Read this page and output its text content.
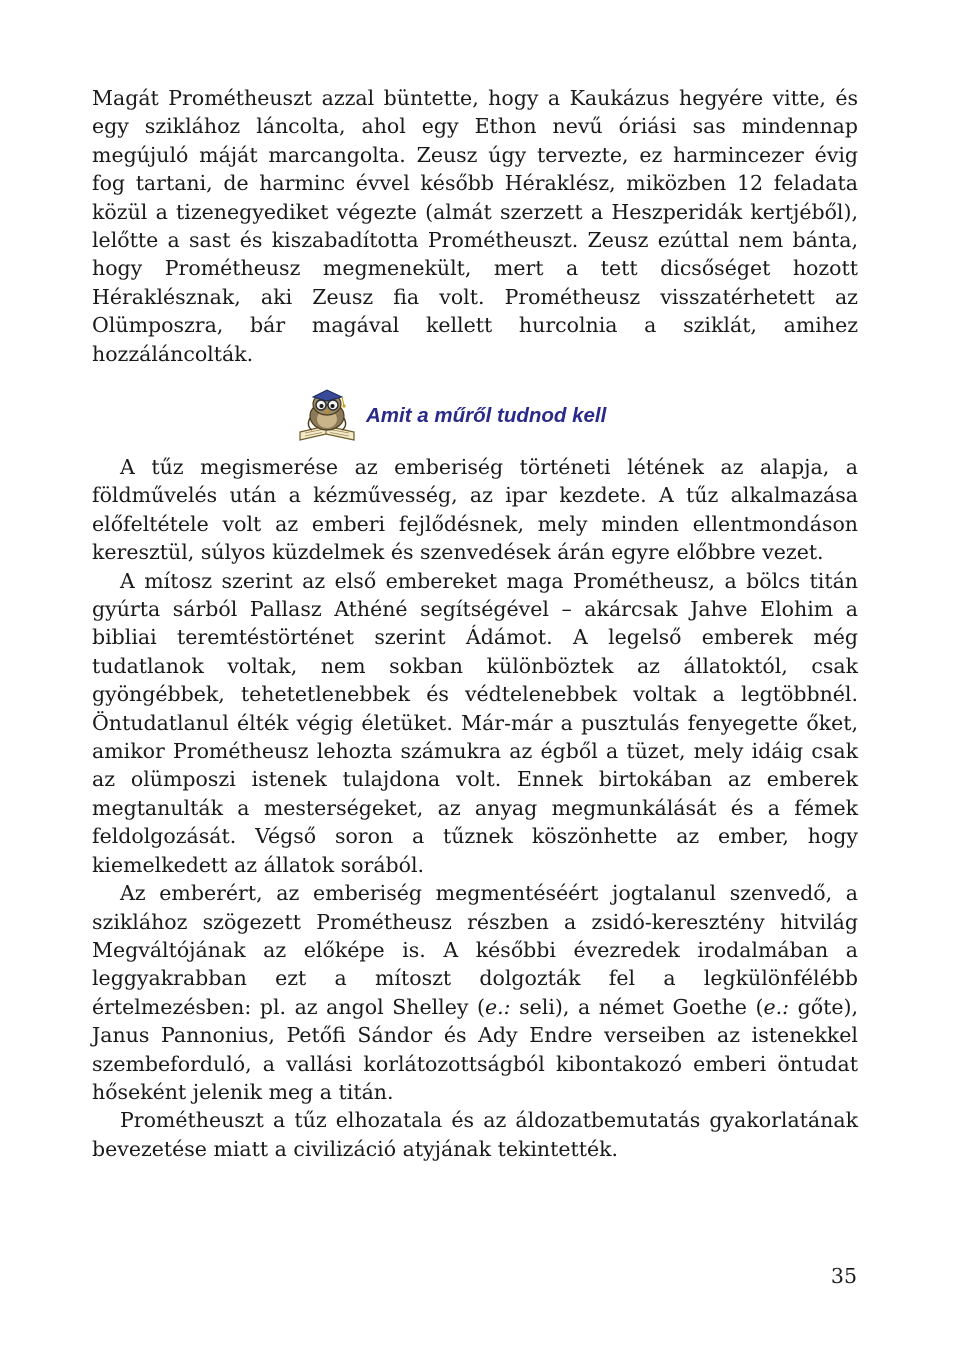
Magát Prométheuszt azzal büntette, hogy a Kaukázus hegyére vitte, és egy sziklához láncolta, ahol egy Ethon nevű óriási sas mindennap megújuló máját marcangolta. Zeusz úgy tervezte, ez harmincezer évig fog tartani, de harminc évvel később Héraklész, miközben 12 feladata közül a tizenegyediket végezte (almát szerzett a Heszperidák kertjéből), lelőtte a sast és kiszabadította Prométheuszt. Zeusz ezúttal nem bánta, hogy Prométheusz megmenekült, mert a tett dicsőséget hozott Héraklésznak, aki Zeusz fia volt. Prométheusz visszatérhetett az Olümposzra, bár magával kellett hurcolnia a sziklát, amihez hozzáláncolták.

Amit a műről tudnod kell

A tűz megismerése az emberiség történeti létének az alapja, a földművelés után a kézművesség, az ipar kezdete. A tűz alkalmazása előfeltétele volt az emberi fejlődésnek, mely minden ellentmondáson keresztül, súlyos küzdelmek és szenvedések árán egyre előbbre vezet.

A mítosz szerint az első embereket maga Prométheusz, a bölcs titán gyúrta sárból Pallasz Athéné segítségével – akárcsak Jahve Elohim a bibliai teremtéstörténet szerint Ádámot. A legelső emberek még tudatlanok voltak, nem sokban különböztek az állatoktól, csak gyöngébbek, tehetetlenebbek és védtelenebbek voltak a legtöbbnél. Öntudatlanul élték végig életüket. Már-már a pusztulás fenyegette őket, amikor Prométheusz lehozta számukra az égből a tüzet, mely idáig csak az olümposzi istenek tulajdona volt. Ennek birtokában az emberek megtanulták a mesterségeket, az anyag megmunkálását és a fémek feldolgozását. Végső soron a tűznek köszönhette az ember, hogy kiemelkedett az állatok sorából.

Az emberért, az emberiség megmentéséért jogtalanul szenvedő, a sziklához szögezett Prométheusz részben a zsidó-keresztény hitvilág Megváltójának az előképe is. A későbbi évezredek irodalmában a leggyakrabban ezt a mítoszt dolgozták fel a legkülönfélébb értelmezésben: pl. az angol Shelley (e.: seli), a német Goethe (e.: gőte), Janus Pannonius, Petőfi Sándor és Ady Endre verseiben az istenekkel szembeforduló, a vallási korlátozottságból kibontakozó emberi öntudat hőseként jelenik meg a titán.

Prométheuszt a tűz elhozatala és az áldozatbemutatás gyakorlatának bevezetése miatt a civilizáció atyjának tekintették.

35
